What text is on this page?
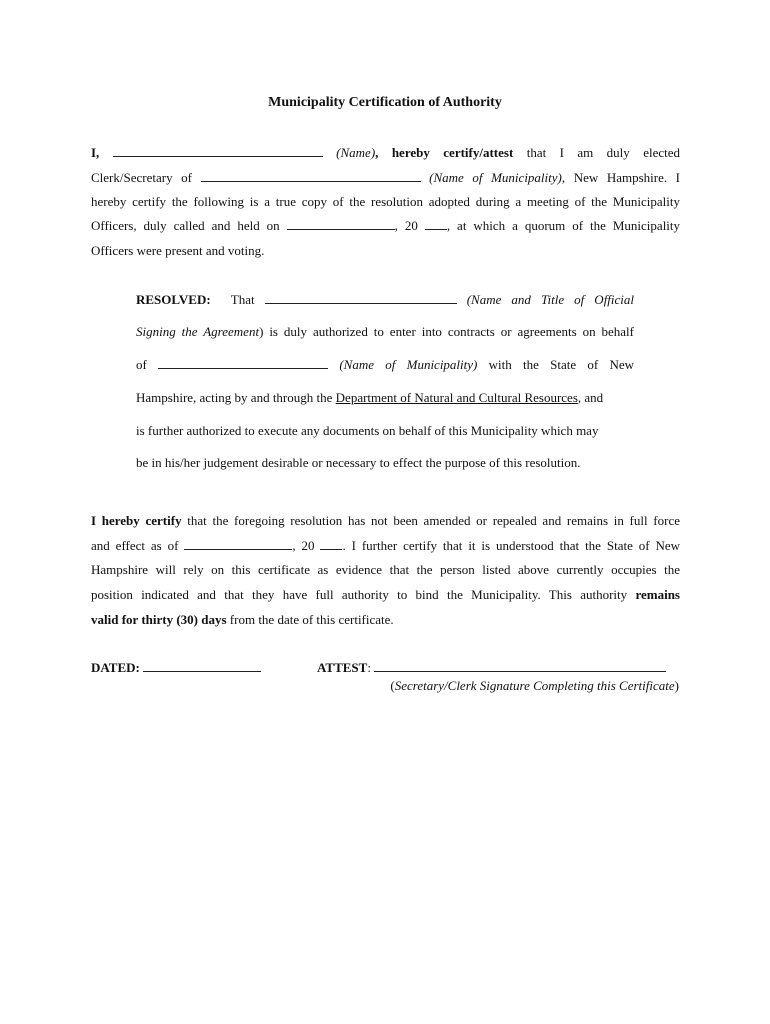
Municipality Certification of Authority
I,	(Name), hereby certify/attest that I am duly elected
Clerk/Secretary of	(Name of Municipality), New Hampshire. I
hereby certify the following is a true copy of the resolution adopted during a meeting of the Municipality
Officers, duly called and held on	, 20 , at which a quorum of the Municipality
Officers were present and voting.
RESOLVED: That	(Name and Title of Official
Signing the Agreement) is duly authorized to enter into contracts or agreements on behalf
of	(Name of Municipality) with the State of New
Hampshire, acting by and through the Department of Natural and Cultural Resources, and
is further authorized to execute any documents on behalf of this Municipality which may
be in his/her judgement desirable or necessary to effect the purpose of this resolution.
I hereby certify that the foregoing resolution has not been amended or repealed and remains in full force
and effect as of	, 20 . I further certify that it is understood that the State of New
Hampshire will rely on this certificate as evidence that the person listed above currently occupies the
position indicated and that they have full authority to bind the Municipality. This authority remains
valid for thirty (30) days from the date of this certificate.
DATED:	ATTEST:
(Secretary/Clerk Signature Completing this Certificate)
